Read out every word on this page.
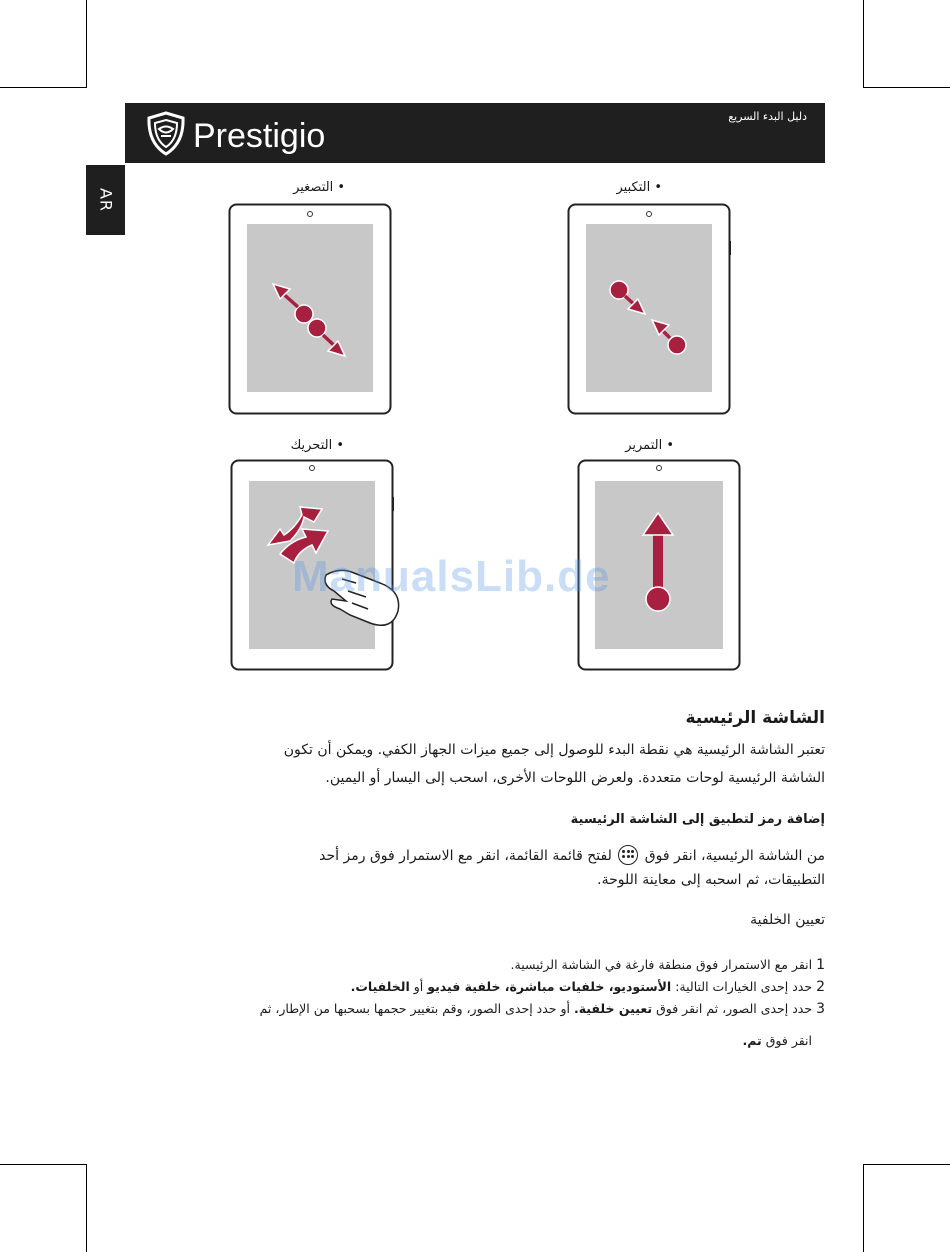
Prestigio
دليل البدء السريع
AR
• التصغير	• التكبير
• التحريك	• التمرير
ManualsLib.de
الشاشة الرئيسية
تعتبر الشاشة الرئيسية هي نقطة البدء للوصول إلى جميع ميزات الجهاز الكفي. ويمكن أن تكون
الشاشة الرئيسية لوحات متعددة. ولعرض اللوحات الأخرى، اسحب إلى اليسار أو اليمين.
إضافة رمز لتطبيق إلى الشاشة الرئيسية
من الشاشة الرئيسية، انقر فوق
لفتح قائمة القائمة، انقر مع الاستمرار فوق رمز أحد
التطبيقات، ثم اسحبه إلى معاينة اللوحة.
تعيين الخلفية
1 انقر مع الاستمرار فوق منطقة فارغة في الشاشة الرئيسية.
2 حدد إحدى الخيارات التالية: الأستوديو، خلفيات مباشرة، خلفية فيديو أو الخلفيات.
3 حدد إحدى الصور، ثم انقر فوق تعيين خلفية. أو حدد إحدى الصور، وقم بتغيير حجمها بسحبها من الإطار، ثم
انقر فوق تم.
